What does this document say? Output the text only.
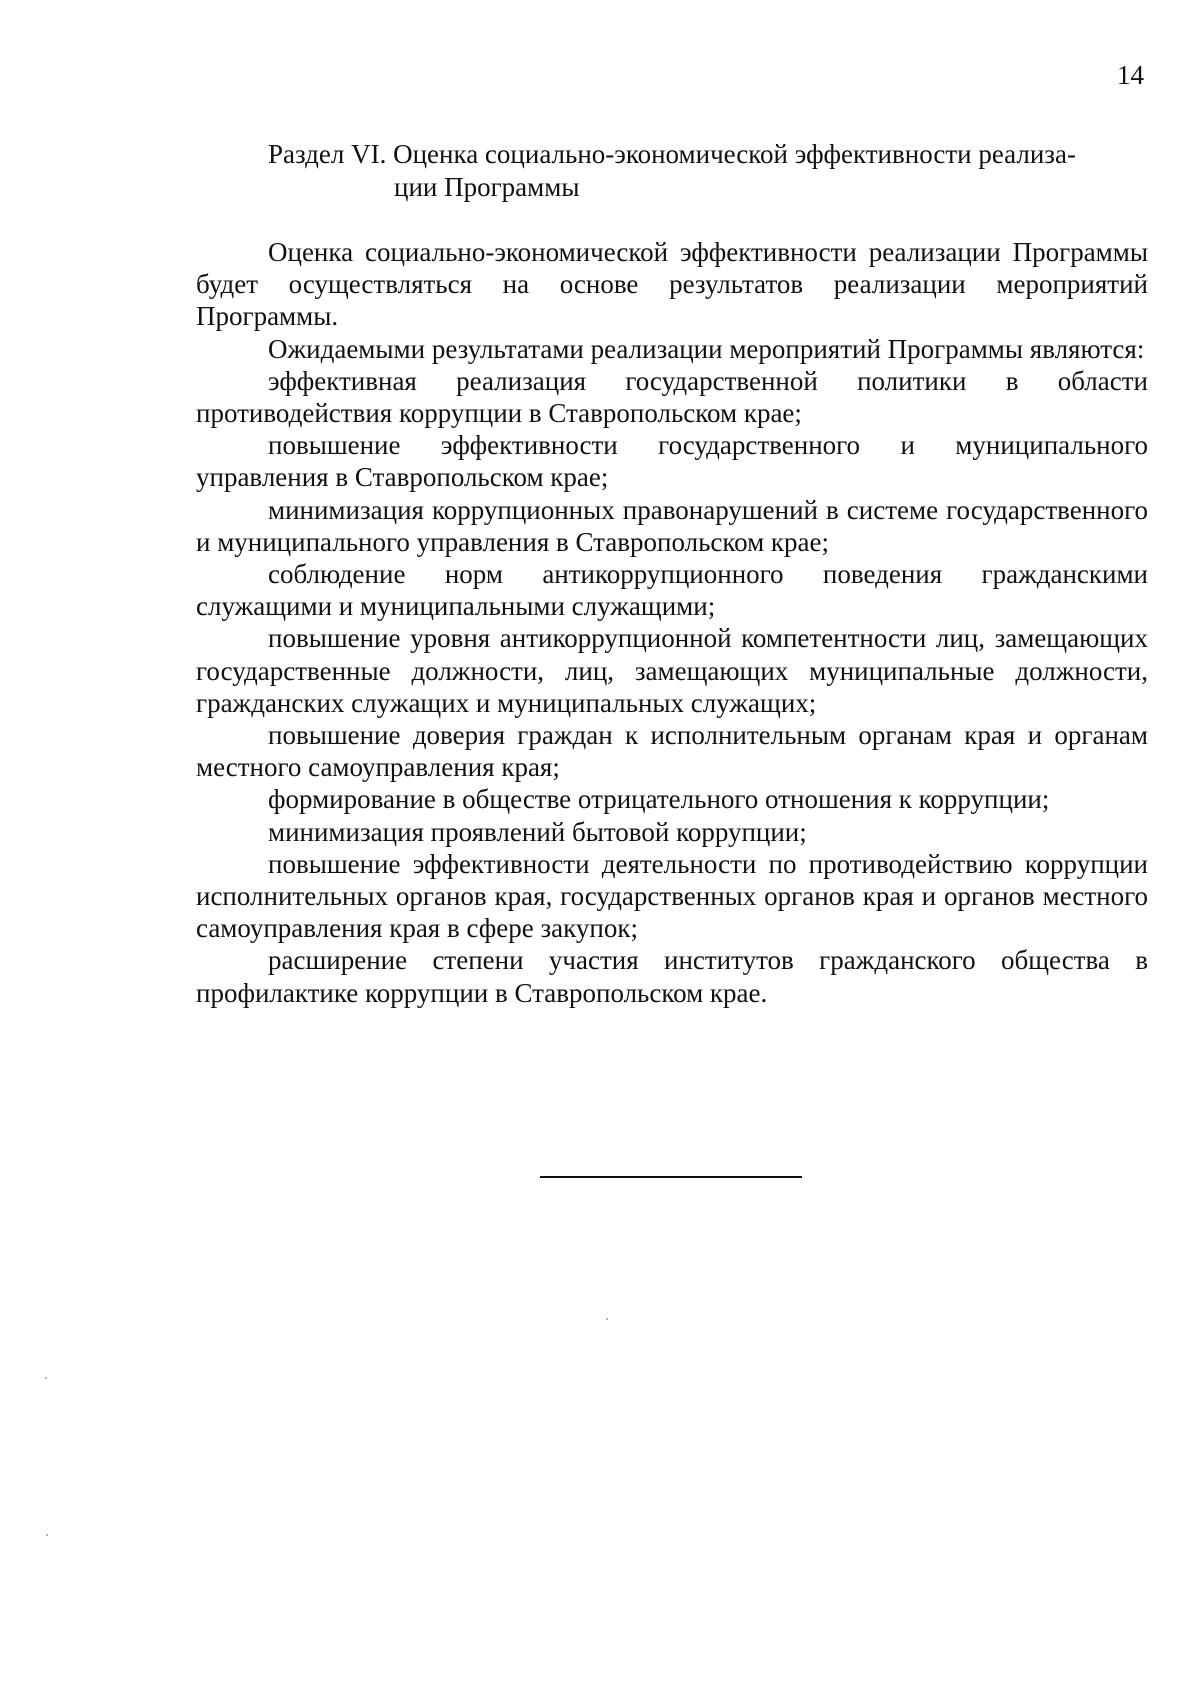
14
Раздел VI. Оценка социально-экономической эффективности реализа-
ции Программы

Оценка социально-экономической эффективности реализации Программы будет осуществляться на основе результатов реализации мероприятий Программы.

Ожидаемыми результатами реализации мероприятий Программы являются:

эффективная реализация государственной политики в области противодействия коррупции в Ставропольском крае;

повышение эффективности государственного и муниципального управления в Ставропольском крае;

минимизация коррупционных правонарушений в системе государственного и муниципального управления в Ставропольском крае;

соблюдение норм антикоррупционного поведения гражданскими служащими и муниципальными служащими;

повышение уровня антикоррупционной компетентности лиц, замещающих государственные должности, лиц, замещающих муниципальные должности, гражданских служащих и муниципальных служащих;

повышение доверия граждан к исполнительным органам края и органам местного самоуправления края;

формирование в обществе отрицательного отношения к коррупции;

минимизация проявлений бытовой коррупции;

повышение эффективности деятельности по противодействию коррупции исполнительных органов края, государственных органов края и органов местного самоуправления края в сфере закупок;

расширение степени участия институтов гражданского общества в профилактике коррупции в Ставропольском крае.
